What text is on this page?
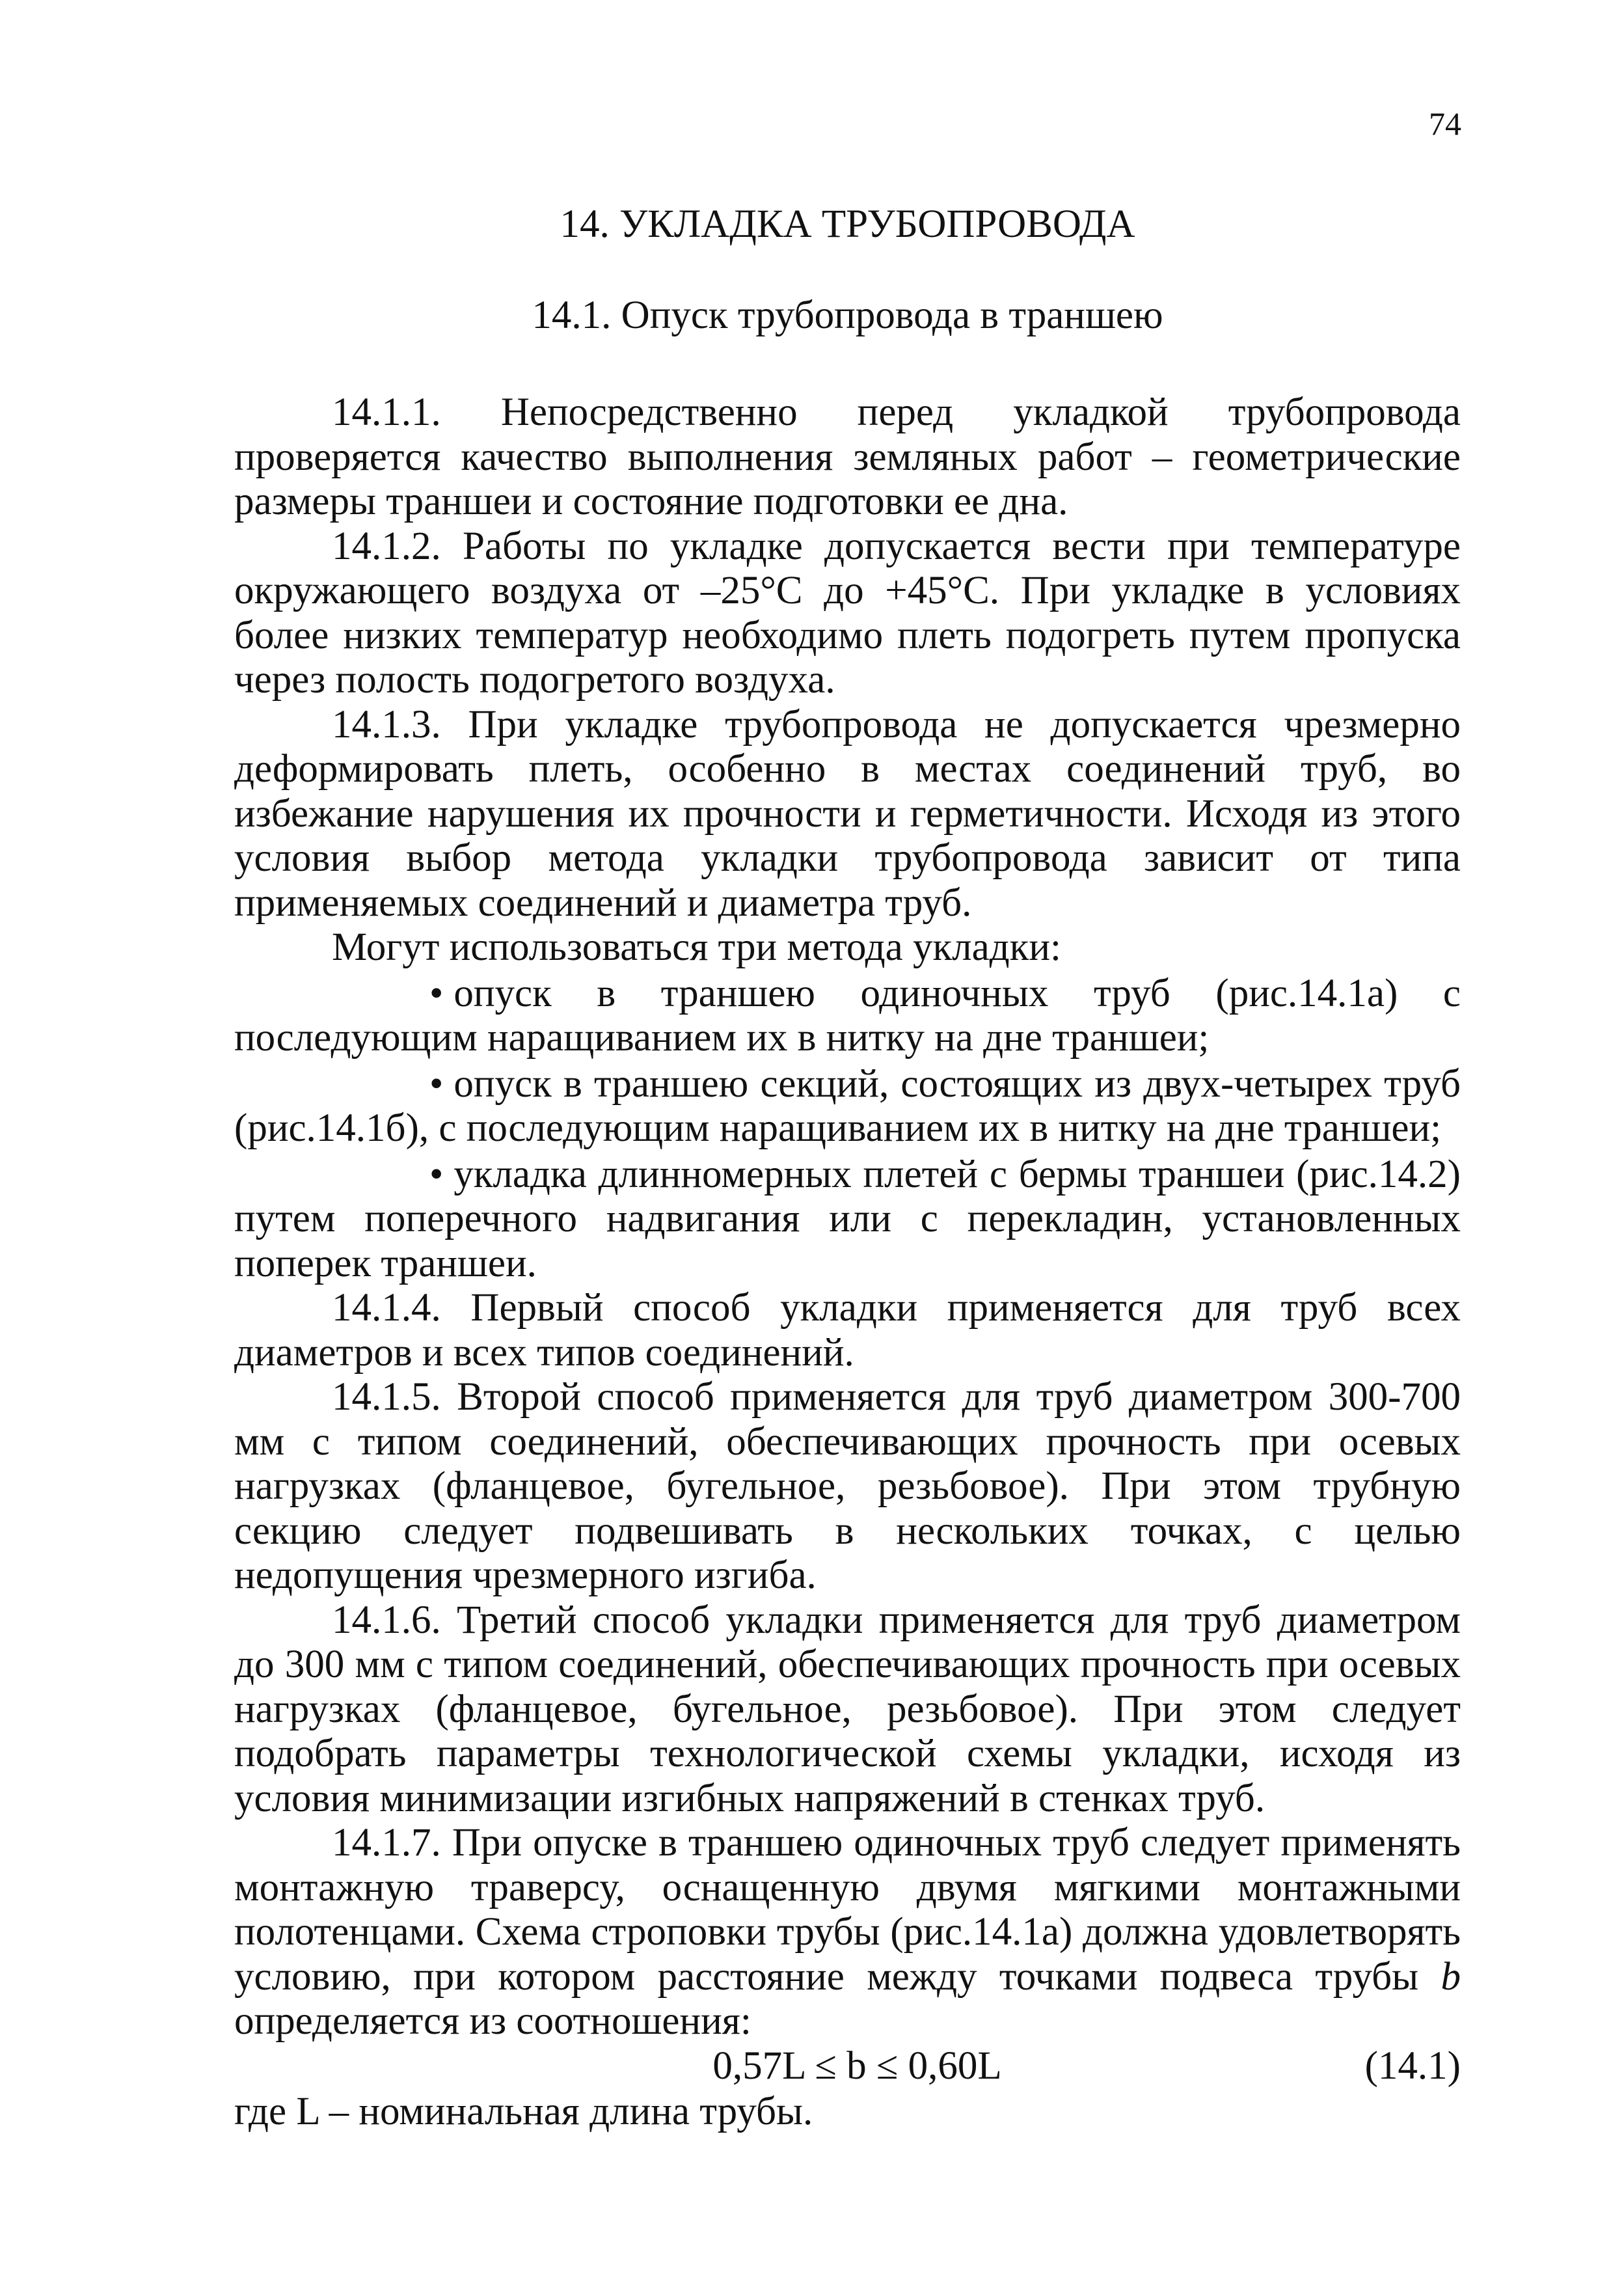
74
14. УКЛАДКА ТРУБОПРОВОДА
14.1. Опуск трубопровода в траншею

14.1.1. Непосредственно перед укладкой трубопровода проверяется качество выполнения земляных работ – геометрические размеры траншеи и состояние подготовки ее дна.

14.1.2. Работы по укладке допускается вести при температуре окружающего воздуха от –25°С до +45°С. При укладке в условиях более низких температур необходимо плеть подогреть путем пропуска через полость подогретого воздуха.

14.1.3. При укладке трубопровода не допускается чрезмерно деформировать плеть, особенно в местах соединений труб, во избежание нарушения их прочности и герметичности. Исходя из этого условия выбор метода укладки трубопровода зависит от типа применяемых соединений и диаметра труб.

Могут использоваться три метода укладки:

• опуск в траншею одиночных труб (рис.14.1а) с последующим наращиванием их в нитку на дне траншеи;

• опуск в траншею секций, состоящих из двух-четырех труб (рис.14.1б), с последующим наращиванием их в нитку на дне траншеи;

• укладка длинномерных плетей с бермы траншеи (рис.14.2) путем поперечного надвигания или с перекладин, установленных поперек траншеи.

14.1.4. Первый способ укладки применяется для труб всех диаметров и всех типов соединений.

14.1.5. Второй способ применяется для труб диаметром 300-700 мм с типом соединений, обеспечивающих прочность при осевых нагрузках (фланцевое, бугельное, резьбовое). При этом трубную секцию следует подвешивать в нескольких точках, с целью недопущения чрезмерного изгиба.

14.1.6. Третий способ укладки применяется для труб диаметром до 300 мм с типом соединений, обеспечивающих прочность при осевых нагрузках (фланцевое, бугельное, резьбовое). При этом следует подобрать параметры технологической схемы укладки, исходя из условия минимизации изгибных напряжений в стенках труб.

14.1.7. При опуске в траншею одиночных труб следует применять монтажную траверсу, оснащенную двумя мягкими монтажными полотенцами. Схема строповки трубы (рис.14.1а) должна удовлетворять условию, при котором расстояние между точками подвеса трубы b определяется из соотношения:

0,57L ≤ b ≤ 0,60L	(14.1)

где L – номинальная длина трубы.
